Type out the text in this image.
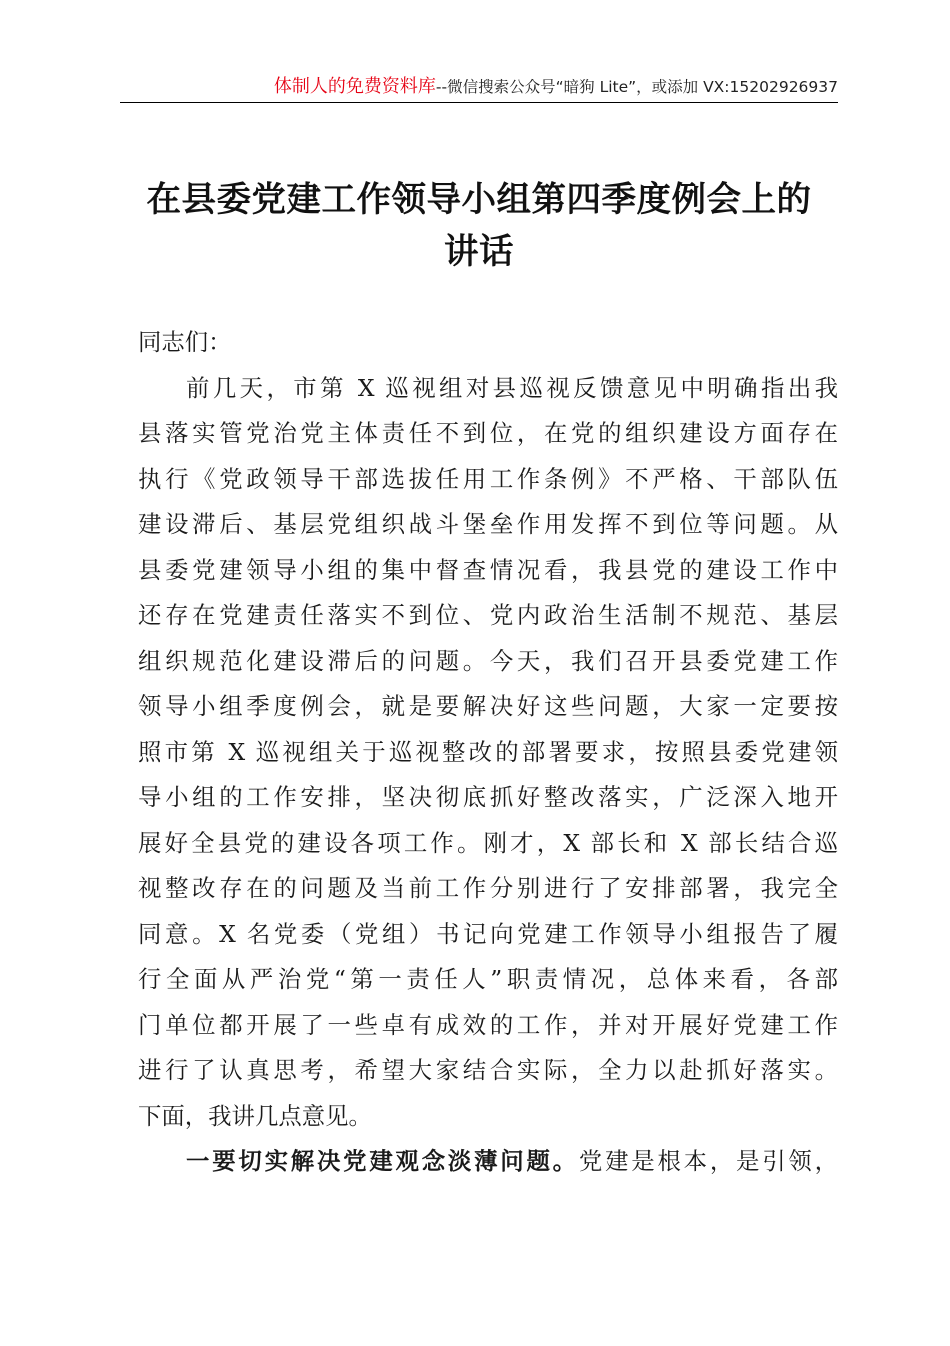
体制人的免费资料库--微信搜索公众号“暗狗 Lite”，或添加 VX:15202926937
在县委党建工作领导小组第四季度例会上的
讲话
同志们：
前几天，市第 X 巡视组对县巡视反馈意见中明确指出我
县落实管党治党主体责任不到位，在党的组织建设方面存在
执行《党政领导干部选拔任用工作条例》不严格、干部队伍
建设滞后、基层党组织战斗堡垒作用发挥不到位等问题。从
县委党建领导小组的集中督查情况看，我县党的建设工作中
还存在党建责任落实不到位、党内政治生活制不规范、基层
组织规范化建设滞后的问题。今天，我们召开县委党建工作
领导小组季度例会，就是要解决好这些问题，大家一定要按
照市第 X 巡视组关于巡视整改的部署要求，按照县委党建领
导小组的工作安排，坚决彻底抓好整改落实，广泛深入地开
展好全县党的建设各项工作。刚才，X 部长和 X 部长结合巡
视整改存在的问题及当前工作分别进行了安排部署，我完全
同意。X 名党委（党组）书记向党建工作领导小组报告了履
行全面从严治党“第一责任人”职责情况，总体来看，各部
门单位都开展了一些卓有成效的工作，并对开展好党建工作
进行了认真思考，希望大家结合实际，全力以赴抓好落实。
下面，我讲几点意见。
一要切实解决党建观念淡薄问题。党建是根本，是引领，
